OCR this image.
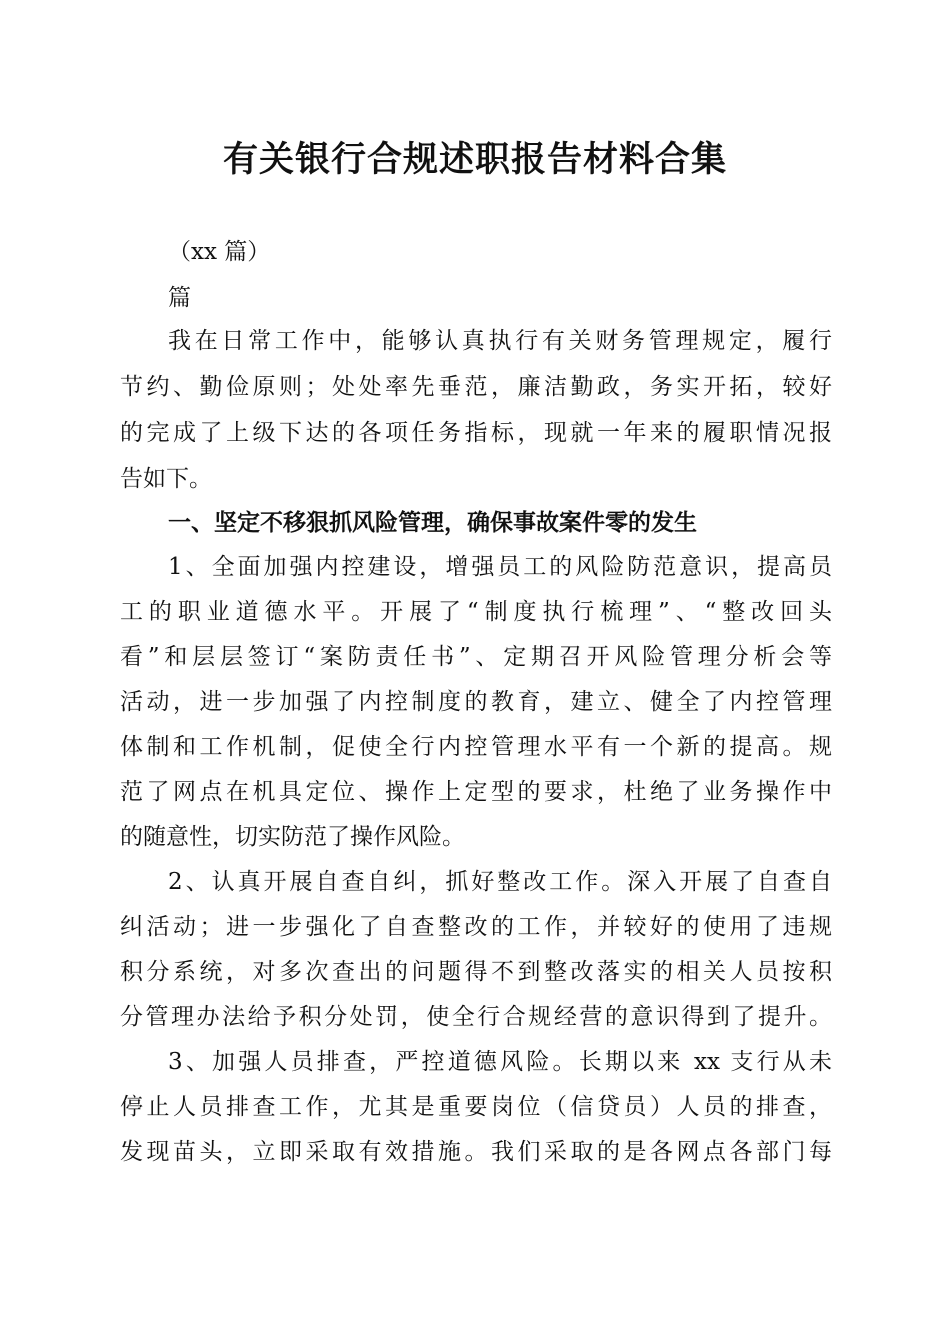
有关银行合规述职报告材料合集

（xx 篇）

篇

我在日常工作中，能够认真执行有关财务管理规定，履行

节约、勤俭原则；处处率先垂范，廉洁勤政，务实开拓，较好

的完成了上级下达的各项任务指标，现就一年来的履职情况报

告如下。

一、坚定不移狠抓风险管理，确保事故案件零的发生

1、全面加强内控建设，增强员工的风险防范意识，提高员

工的职业道德水平。开展了“制度执行梳理”、“整改回头

看”和层层签订“案防责任书”、定期召开风险管理分析会等

活动，进一步加强了内控制度的教育，建立、健全了内控管理

体制和工作机制，促使全行内控管理水平有一个新的提高。规

范了网点在机具定位、操作上定型的要求，杜绝了业务操作中

的随意性，切实防范了操作风险。

2、认真开展自查自纠，抓好整改工作。深入开展了自查自

纠活动；进一步强化了自查整改的工作，并较好的使用了违规

积分系统，对多次查出的问题得不到整改落实的相关人员按积

分管理办法给予积分处罚，使全行合规经营的意识得到了提升。

3、加强人员排查，严控道德风险。长期以来 xx 支行从未

停止人员排查工作，尤其是重要岗位（信贷员）人员的排查，

发现苗头，立即采取有效措施。我们采取的是各网点各部门每
